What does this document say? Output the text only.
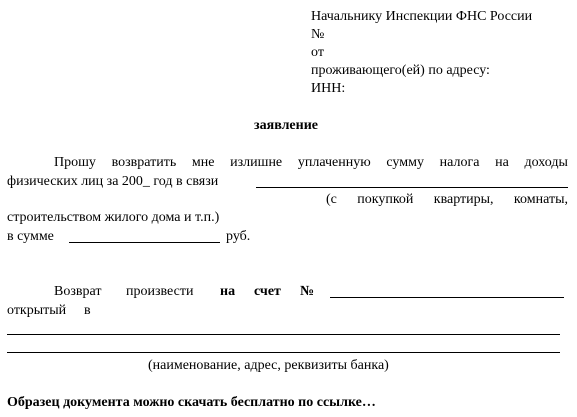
Начальнику Инспекции ФНС России
№
от
проживающего(ей) по адресу:
ИНН:
заявление
Прошу возвратить мне излишне уплаченную сумму налога на доходы
физических лиц за 200_ год в связи
(с покупкой квартиры, комнаты,
строительством жилого дома и т.п.)
в сумме	руб.
Возврат произвести на счет №
открытый в
(наименование, адрес, реквизиты банка)
Образец документа можно скачать бесплатно по ссылке…
